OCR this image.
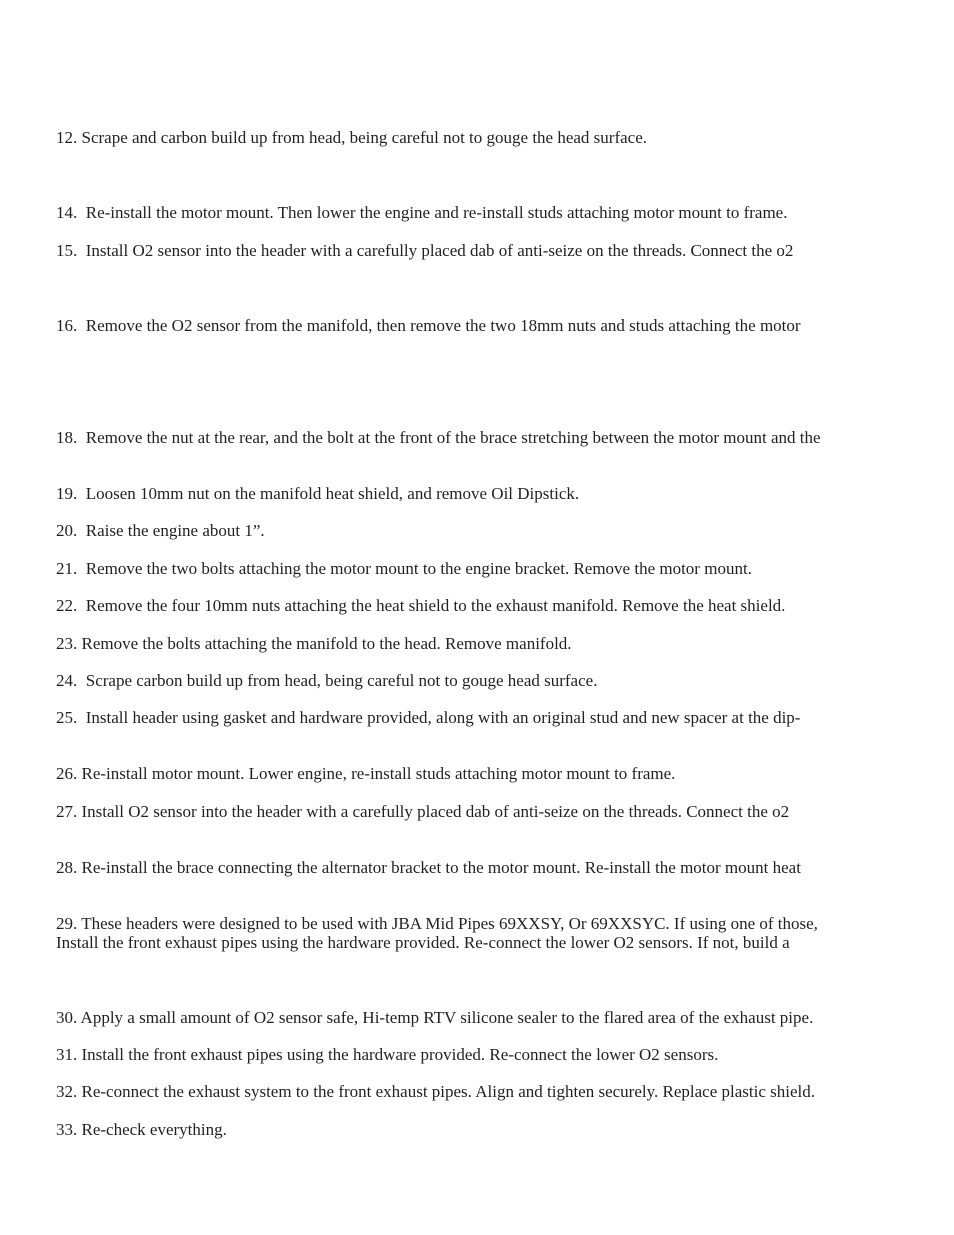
12. Scrape and carbon build up from head, being careful not to gouge the head surface.

14.  Re-install the motor mount. Then lower the engine and re-install studs attaching motor mount to frame.

15.  Install O2 sensor into the header with a carefully placed dab of anti-seize on the threads. Connect the o2

16.  Remove the O2 sensor from the manifold, then remove the two 18mm nuts and studs attaching the motor

18.  Remove the nut at the rear, and the bolt at the front of the brace stretching between the motor mount and the

19.  Loosen 10mm nut on the manifold heat shield, and remove Oil Dipstick.

20.  Raise the engine about 1”.

21.  Remove the two bolts attaching the motor mount to the engine bracket. Remove the motor mount.

22.  Remove the four 10mm nuts attaching the heat shield to the exhaust manifold. Remove the heat shield.

23. Remove the bolts attaching the manifold to the head. Remove manifold.

24.  Scrape carbon build up from head, being careful not to gouge head surface.

25.  Install header using gasket and hardware provided, along with an original stud and new spacer at the dip-

26. Re-install motor mount. Lower engine, re-install studs attaching motor mount to frame.

27. Install O2 sensor into the header with a carefully placed dab of anti-seize on the threads. Connect the o2

28. Re-install the brace connecting the alternator bracket to the motor mount. Re-install the motor mount heat

29. These headers were designed to be used with JBA Mid Pipes 69XXSY, Or 69XXSYC. If using one of those,

Install the front exhaust pipes using the hardware provided. Re-connect the lower O2 sensors. If not, build a

30. Apply a small amount of O2 sensor safe, Hi-temp RTV silicone sealer to the flared area of the exhaust pipe.

31. Install the front exhaust pipes using the hardware provided. Re-connect the lower O2 sensors.

32. Re-connect the exhaust system to the front exhaust pipes. Align and tighten securely. Replace plastic shield.

33. Re-check everything.
